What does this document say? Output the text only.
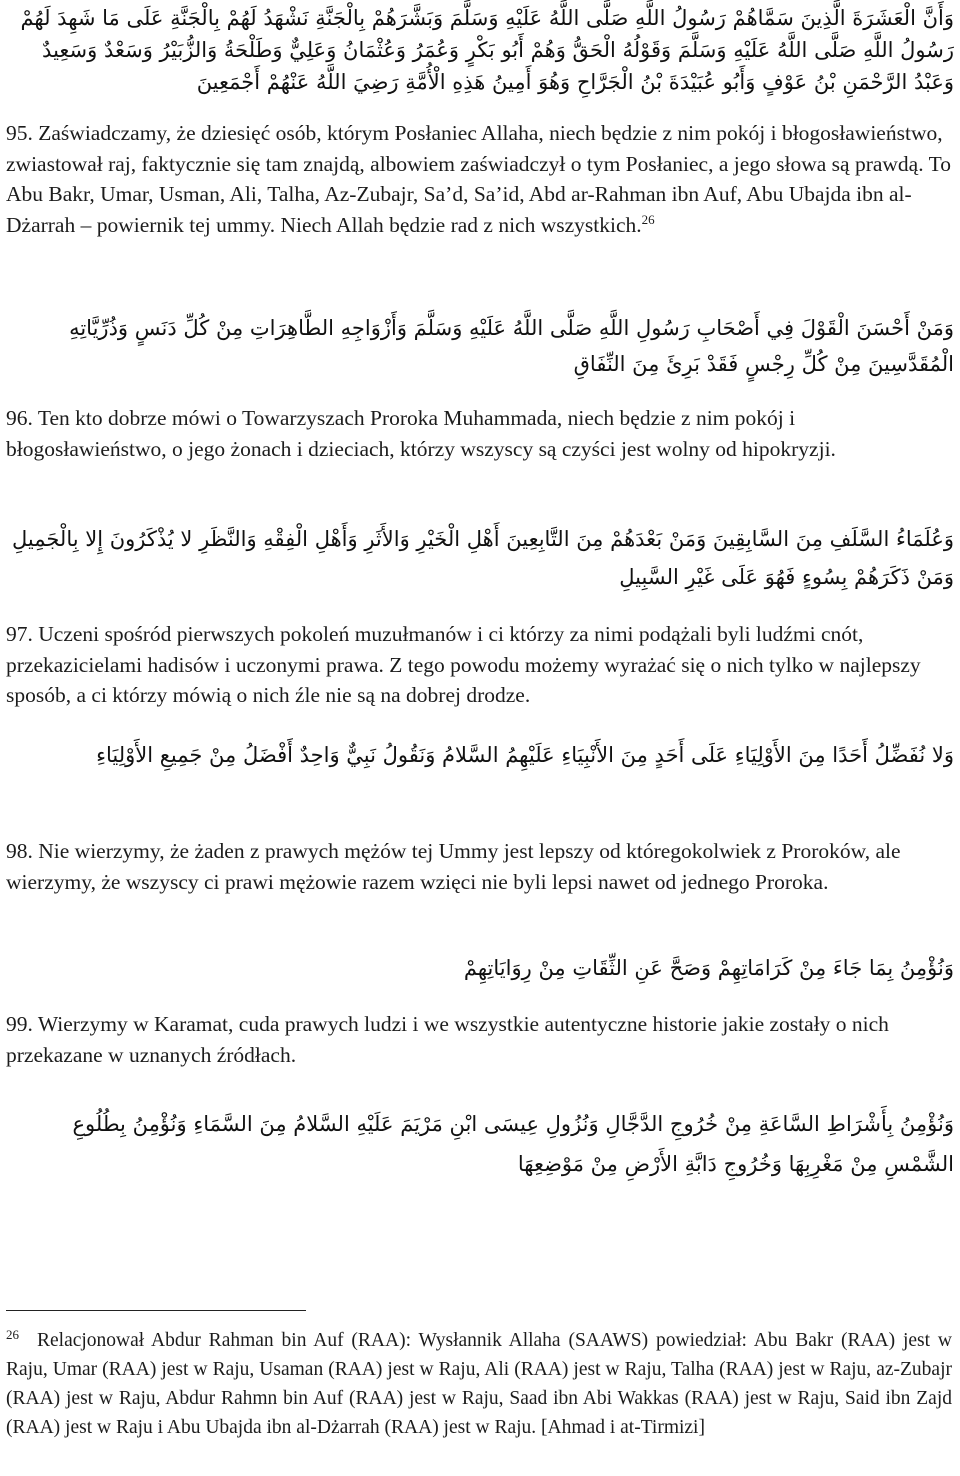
وَأَنَّ الْعَشَرَةَ الَّذِينَ سَمَّاهُمْ رَسُولُ اللَّهِ صَلَّى اللَّهُ عَلَيْهِ وَسَلَّمَ وَبَشَّرَهُمْ بِالْجَنَّةِ نَشْهَدُ لَهُمْ بِالْجَنَّةِ عَلَى مَا شَهِدَ لَهُمْ رَسُولُ اللَّهِ صَلَّى اللَّهُ عَلَيْهِ وَسَلَّمَ وَقَوْلُهُ الْحَقُّ وَهُمْ أَبُو بَكْرٍ وَعُمَرُ وَعُثْمَانُ وَعَلِيٌّ وَطَلْحَةُ وَالزُّبَيْرُ وَسَعْدٌ وَسَعِيدٌ وَعَبْدُ الرَّحْمَنِ بْنُ عَوْفٍ وَأَبُو عُبَيْدَةَ بْنُ الْجَرَّاحِ وَهُوَ أَمِينُ هَذِهِ الْأُمَّةِ رَضِيَ اللَّهُ عَنْهُمْ أَجْمَعِينَ

95. Zaświadczamy, że dziesięć osób, którym Posłaniec Allaha, niech będzie z nim pokój i błogosławieństwo, zwiastował raj, faktycznie się tam znajdą, albowiem zaświadczył o tym Posłaniec, a jego słowa są prawdą. To Abu Bakr, Umar, Usman, Ali, Talha, Az-Zubajr, Sa’d, Sa’id, Abd ar-Rahman ibn Auf, Abu Ubajda ibn al-Dżarrah – powiernik tej ummy. Niech Allah będzie rad z nich wszystkich.$^{26}$

وَمَنْ أَحْسَنَ الْقَوْلَ فِي أَصْحَابِ رَسُولِ اللَّهِ صَلَّى اللَّهُ عَلَيْهِ وَسَلَّمَ وَأَزْوَاجِهِ الطَّاهِرَاتِ مِنْ كُلِّ دَنَسٍ وَذُرِّيَّاتِهِ الْمُقَدَّسِينَ مِنْ كُلِّ رِجْسٍ فَقَدْ بَرِئَ مِنَ النِّفَاقِ

96. Ten kto dobrze mówi o Towarzyszach Proroka Muhammada, niech będzie z nim pokój i błogosławieństwo, o jego żonach i dzieciach, którzy wszyscy są czyści jest wolny od hipokryzji.

وَعُلَمَاءُ السَّلَفِ مِنَ السَّابِقِينَ وَمَنْ بَعْدَهُمْ مِنَ التَّابِعِينَ أَهْلِ الْخَيْرِ وَالأَثَرِ وَأَهْلِ الْفِقْهِ وَالنَّظَرِ لا يُذْكَرُونَ إِلا بِالْجَمِيلِ وَمَنْ ذَكَرَهُمْ بِسُوءٍ فَهُوَ عَلَى غَيْرِ السَّبِيلِ

97. Uczeni spośród pierwszych pokoleń muzułmanów i ci którzy za nimi podążali byli ludźmi cnót, przekazicielami hadisów i uczonymi prawa. Z tego powodu możemy wyrażać się o nich tylko w najlepszy sposób, a ci którzy mówią o nich źle nie są na dobrej drodze.

وَلا نُفَضِّلُ أَحَدًا مِنَ الأَوْلِيَاءِ عَلَى أَحَدٍ مِنَ الأَنْبِيَاءِ عَلَيْهِمُ السَّلامُ وَنَقُولُ نَبِيٌّ وَاحِدٌ أَفْضَلُ مِنْ جَمِيعِ الأَوْلِيَاءِ

98. Nie wierzymy, że żaden z prawych mężów tej Ummy jest lepszy od któregokolwiek z Proroków, ale wierzymy, że wszyscy ci prawi mężowie razem wzięci nie byli lepsi nawet od jednego Proroka.

وَنُؤْمِنُ بِمَا جَاءَ مِنْ كَرَامَاتِهِمْ وَصَحَّ عَنِ الثِّقَاتِ مِنْ رِوَايَاتِهِمْ

99. Wierzymy w Karamat, cuda prawych ludzi i we wszystkie autentyczne historie jakie zostały o nich przekazane w uznanych źródłach.

وَنُؤْمِنُ بِأَشْرَاطِ السَّاعَةِ مِنْ خُرُوجِ الدَّجَّالِ وَنُزُولِ عِيسَى ابْنِ مَرْيَمَ عَلَيْهِ السَّلامُ مِنَ السَّمَاءِ وَنُؤْمِنُ بِطُلُوعِ الشَّمْسِ مِنْ مَغْرِبِهَا وَخُرُوجِ دَابَّةِ الأَرْضِ مِنْ مَوْضِعِهَا

$^{26}$ Relacjonował Abdur Rahman bin Auf (RAA): Wysłannik Allaha (SAAWS) powiedział: Abu Bakr (RAA) jest w Raju, Umar (RAA) jest w Raju, Usaman (RAA) jest w Raju, Ali (RAA) jest w Raju, Talha (RAA) jest w Raju, az-Zubajr (RAA) jest w Raju, Abdur Rahmn bin Auf (RAA) jest w Raju, Saad ibn Abi Wakkas (RAA) jest w Raju, Said ibn Zajd (RAA) jest w Raju i Abu Ubajda ibn al-Dżarrah (RAA) jest w Raju. [Ahmad i at-Tirmizi]
